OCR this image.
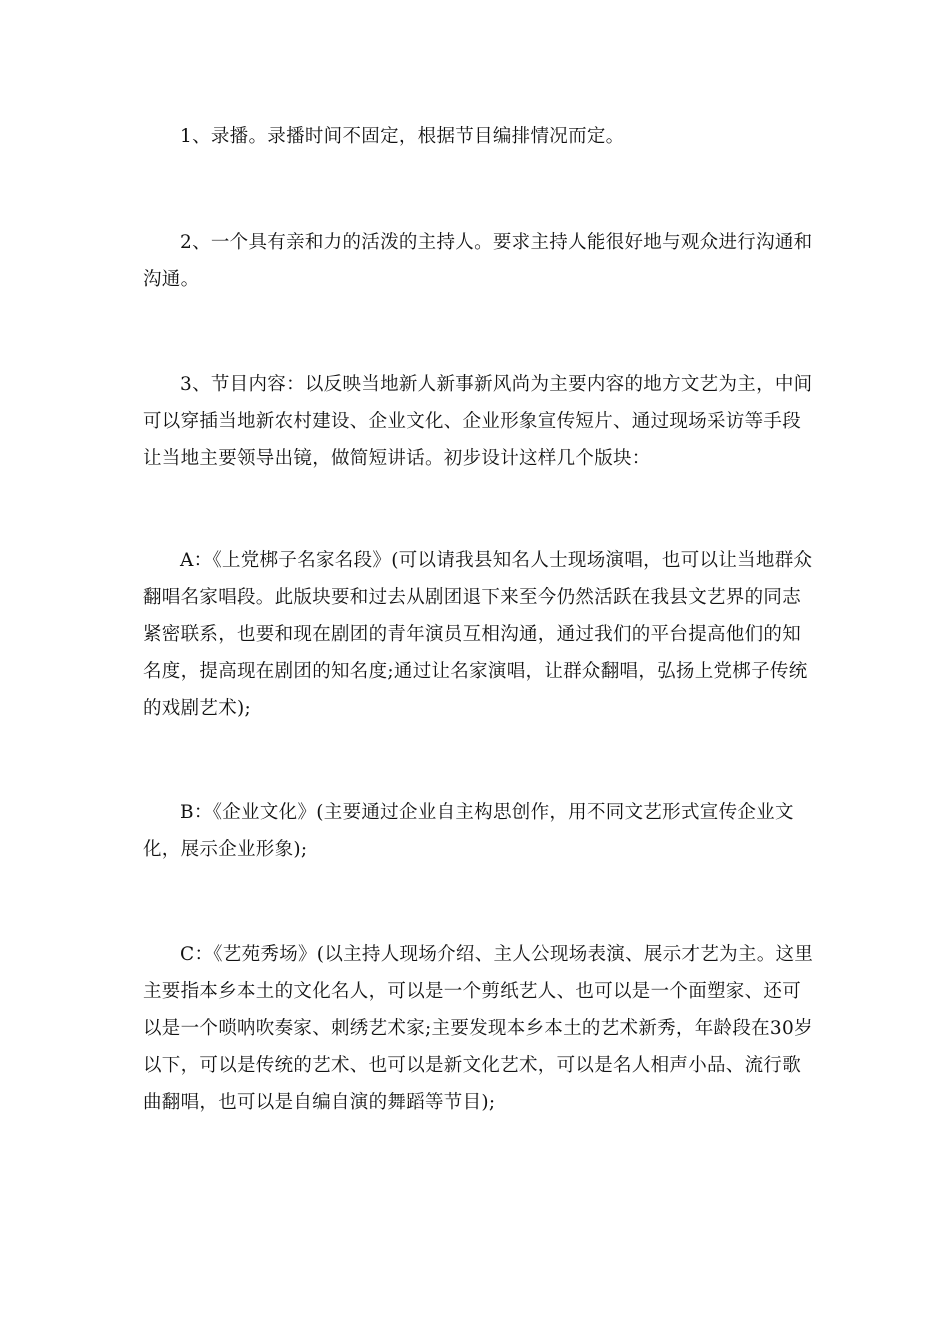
1、录播。录播时间不固定，根据节目编排情况而定。

2、一个具有亲和力的活泼的主持人。要求主持人能很好地与观众进行沟通和沟通。

3、节目内容：以反映当地新人新事新风尚为主要内容的地方文艺为主，中间可以穿插当地新农村建设、企业文化、企业形象宣传短片、通过现场采访等手段让当地主要领导出镜，做简短讲话。初步设计这样几个版块：

A：《上党梆子名家名段》(可以请我县知名人士现场演唱，也可以让当地群众翻唱名家唱段。此版块要和过去从剧团退下来至今仍然活跃在我县文艺界的同志紧密联系，也要和现在剧团的青年演员互相沟通，通过我们的平台提高他们的知名度，提高现在剧团的知名度;通过让名家演唱，让群众翻唱，弘扬上党梆子传统的戏剧艺术);

B：《企业文化》(主要通过企业自主构思创作，用不同文艺形式宣传企业文化，展示企业形象);

C：《艺苑秀场》(以主持人现场介绍、主人公现场表演、展示才艺为主。这里主要指本乡本土的文化名人，可以是一个剪纸艺人、也可以是一个面塑家、还可以是一个唢呐吹奏家、刺绣艺术家;主要发现本乡本土的艺术新秀，年龄段在30岁以下，可以是传统的艺术、也可以是新文化艺术，可以是名人相声小品、流行歌曲翻唱，也可以是自编自演的舞蹈等节目);
